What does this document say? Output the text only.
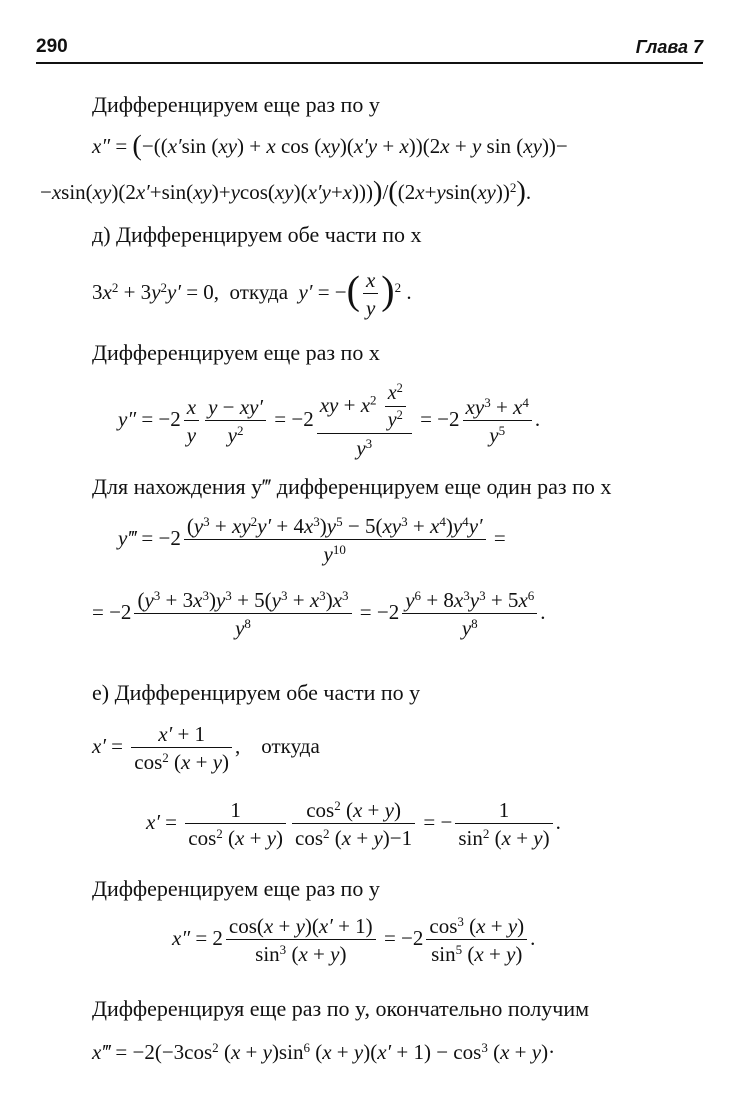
290	Глава 7
Дифференцируем еще раз по y
x″ = (−((x′sin (xy) + x cos (xy)(x′y + x))(2x + y sin (xy))−
$-xsin(xy)(2x'+\sin(xy)+ycos(xy)(x'y+x))))/((2x+ysin(xy))^2)$.
д) Дифференцируем обе части по x
$3x^2 + 3y^2y' = 0$,  откуда y′ = −( $\frac{x}{y} )^2$ .
Дифференцируем еще раз по x
$y'' = -2 \frac{x}{y} \frac{y - xy'}{y^2} = -2 \frac{xy + x^2 \frac{x^2}{y^2}}{y^3} = -2 \frac{xy^3 + x^4}{y^5}$ .
Для нахождения y‴ дифференцируем еще один раз по x
y‴ = $-2 \frac{(y^3 + xy^2y' + 4x^3)y^5 - 5(xy^3 + x^4)y^4y'}{y^{10}}$ =
= $-2 \frac{(y^3 + 3x^3)y^3 + 5(y^3 + x^3)x^3}{y^8} = -2 \frac{y^6 + 8x^3y^3 + 5x^6}{y^8}$ .
е) Дифференцируем обе части по y
$x' = \frac{x' + 1}{\cos^2 (x + y)}$ ,    откуда
$x' = \frac{1}{\cos^2 (x + y)} \frac{\cos^2 (x + y)}{\cos^2 (x + y)-1}$ = − $\frac{1}{\sin^2 (x + y)}$ .
Дифференцируем еще раз по y
$x'' = 2 \frac{\cos(x + y)(x' + 1)}{\sin^3 (x + y)} = -2 \frac{\cos^3 (x + y)}{\sin^5 (x + y)}$ .
Дифференцируя еще раз по y, окончательно получим
x‴ = $-2(-3\cos^2$ $(x + y)\sin^6$ $(x + y)(x' + 1) - \cos^3 (x + y)\cdot$
